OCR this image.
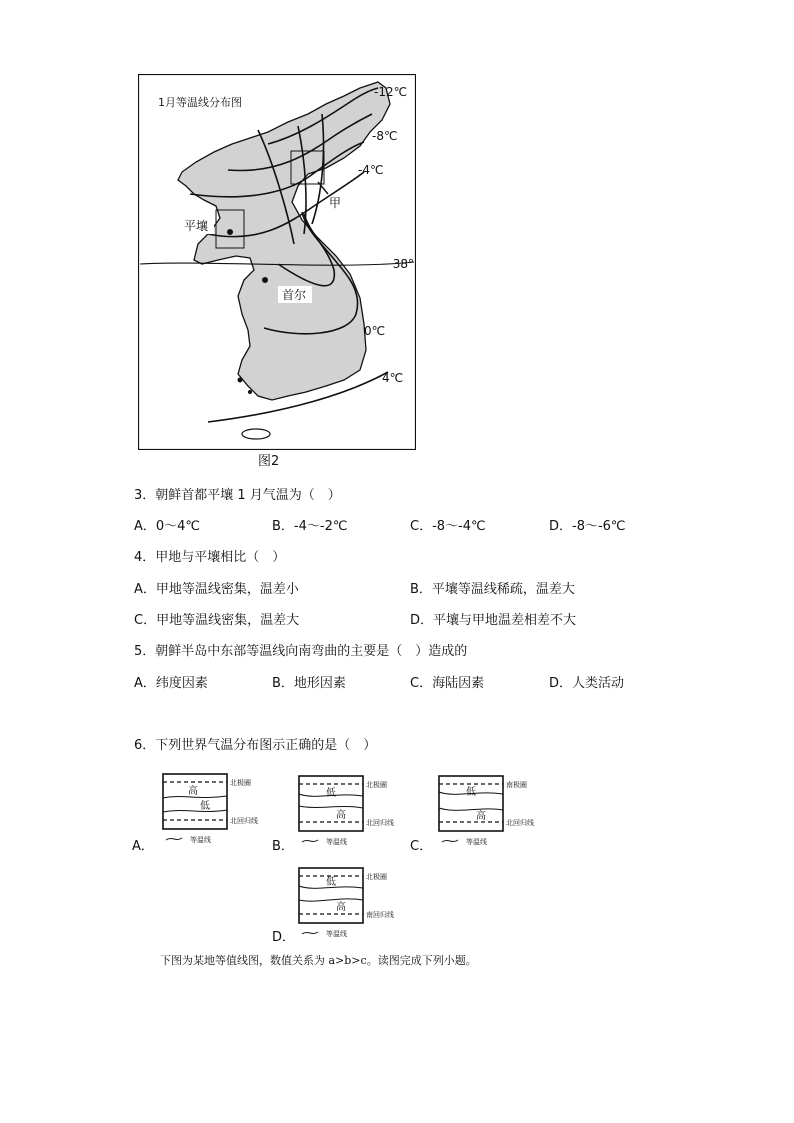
1月等温线分布图
-12℃
-8℃
-4℃
甲
平壤
38°
首尔
0℃
4℃
图2
3．朝鲜首都平壤 1 月气温为（　）
A．0～4℃	B．-4～-2℃	C．-8～-4℃	D．-8～-6℃
4．甲地与平壤相比（　）
A．甲地等温线密集，温差小	B．平壤等温线稀疏，温差大
C．甲地等温线密集，温差大	D．平壤与甲地温差相差不大
5．朝鲜半岛中东部等温线向南弯曲的主要是（　）造成的
A．纬度因素	B．地形因素	C．海陆因素	D．人类活动
6．下列世界气温分布图示正确的是（　）
A．	B．	C．
D．
高
低
北极圈
北回归线
等温线
低
高
北极圈
北回归线
等温线
低
高
南极圈
北回归线
等温线
低
高
北极圈
南回归线
等温线
下图为某地等值线图，数值关系为 a>b>c。读图完成下列小题。
